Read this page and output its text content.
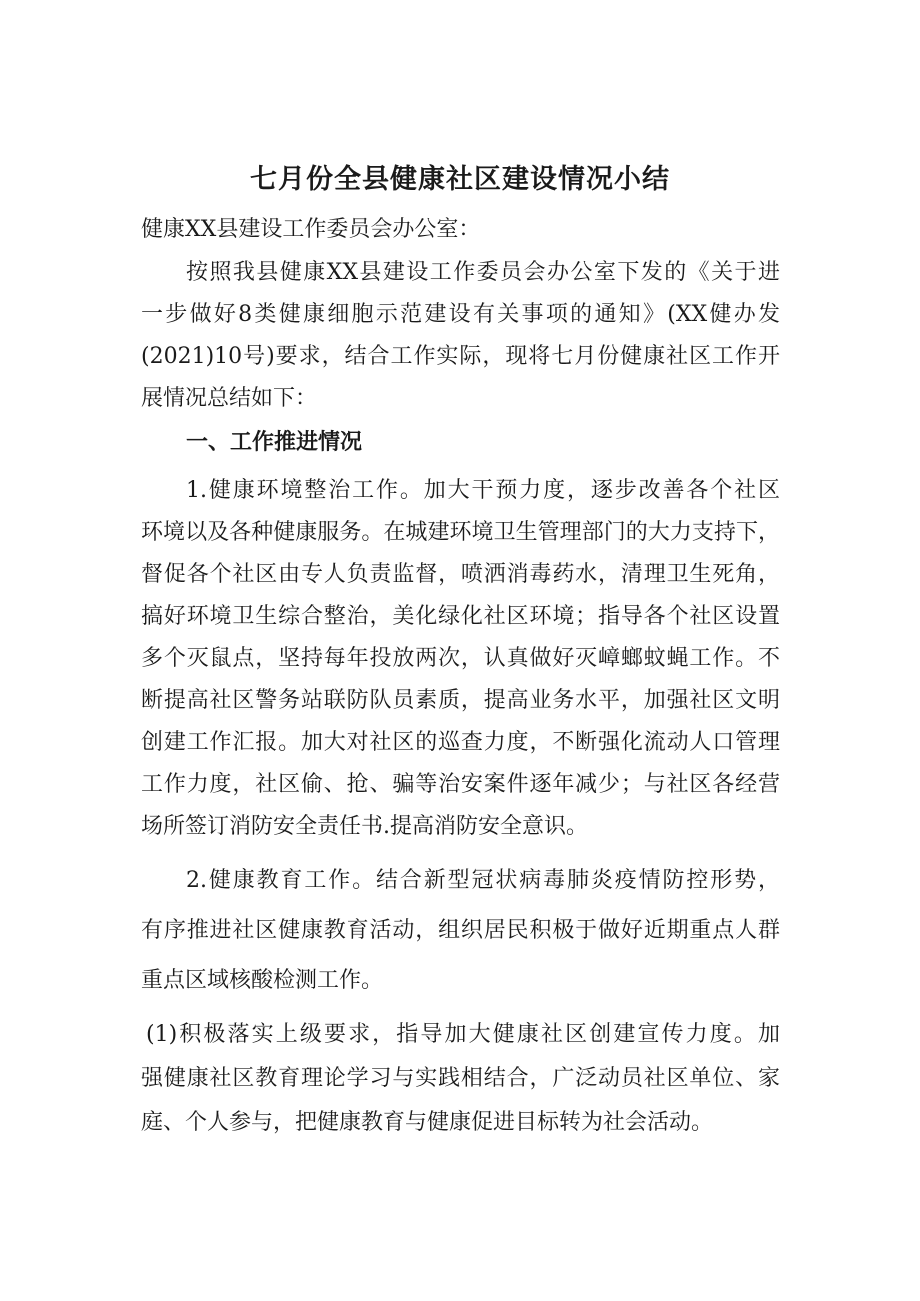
七月份全县健康社区建设情况小结

健康XX县建设工作委员会办公室：

按照我县健康XX县建设工作委员会办公室下发的《关于进

一步做好8类健康细胞示范建设有关事项的通知》(XX健办发

(2021)10号)要求，结合工作实际，现将七月份健康社区工作开

展情况总结如下：

一、工作推进情况

1.健康环境整治工作。加大干预力度，逐步改善各个社区

环境以及各种健康服务。在城建环境卫生管理部门的大力支持下，

督促各个社区由专人负责监督，喷洒消毒药水，清理卫生死角，

搞好环境卫生综合整治，美化绿化社区环境；指导各个社区设置

多个灭鼠点，坚持每年投放两次，认真做好灭嶂螂蚊蝇工作。不

断提高社区警务站联防队员素质，提高业务水平，加强社区文明

创建工作汇报。加大对社区的巡查力度，不断强化流动人口管理

工作力度，社区偷、抢、骗等治安案件逐年减少；与社区各经营

场所签订消防安全责任书.提高消防安全意识。

2.健康教育工作。结合新型冠状病毒肺炎疫情防控形势，

有序推进社区健康教育活动，组织居民积极于做好近期重点人群

重点区域核酸检测工作。

(1)积极落实上级要求，指导加大健康社区创建宣传力度。加

强健康社区教育理论学习与实践相结合，广泛动员社区单位、家

庭、个人参与，把健康教育与健康促进目标转为社会活动。
